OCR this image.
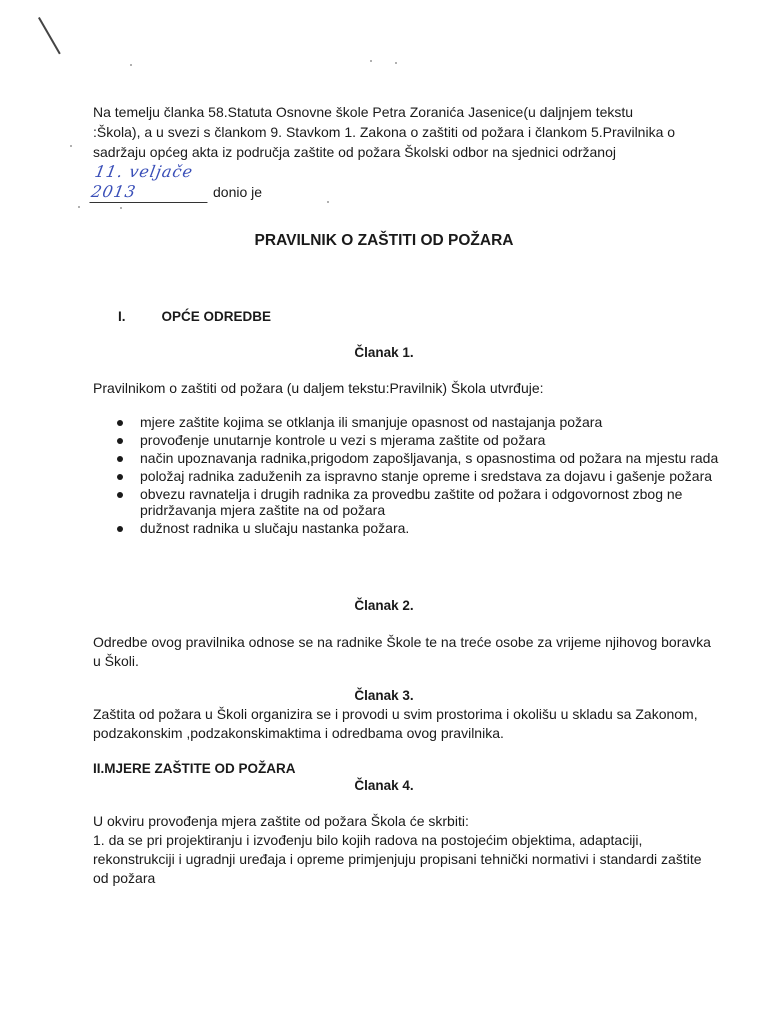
Na temelju članka 58.Statuta Osnovne škole Petra Zoranića Jasenice(u daljnjem tekstu

:Škola), a u svezi s člankom 9. Stavkom 1. Zakona o zaštiti od požara i člankom 5.Pravilnika o

sadržaju općeg akta iz područja zaštite od požara Školski odbor na sjednici održanoj

11. veljače 2013	donio je

PRAVILNIK O ZAŠTITI OD POŽARA
I.	OPĆE ODREDBE
Članak 1.

Pravilnikom o zaštiti od požara (u daljem tekstu:Pravilnik) Škola utvrđuje:

mjere zaštite kojima se otklanja ili smanjuje opasnost od nastajanja požara
provođenje unutarnje kontrole u vezi s mjerama zaštite od požara
način upoznavanja radnika,prigodom zapošljavanja, s opasnostima od požara na mjestu rada
položaj radnika zaduženih za ispravno stanje opreme i sredstava za dojavu i gašenje požara
obvezu ravnatelja i drugih radnika za provedbu zaštite od požara i odgovornost zbog ne pridržavanja mjera zaštite na od požara
dužnost radnika u slučaju nastanka požara.
Članak 2.

Odredbe ovog pravilnika odnose se na radnike Škole te na treće osobe za vrijeme njihovog boravka u Školi.

Članak 3.

Zaštita od požara u Školi organizira se i provodi u svim prostorima i okolišu u skladu sa Zakonom, podzakonskim ,podzakonskimaktima i odredbama ovog pravilnika.

II.MJERE ZAŠTITE OD POŽARA
Članak 4.

U okviru provođenja mjera zaštite od požara Škola će skrbiti:

1. da se pri projektiranju i izvođenju bilo kojih radova na postojećim objektima, adaptaciji, rekonstrukciji i ugradnji uređaja i opreme primjenjuju propisani tehnički normativi i standardi zaštite od požara
